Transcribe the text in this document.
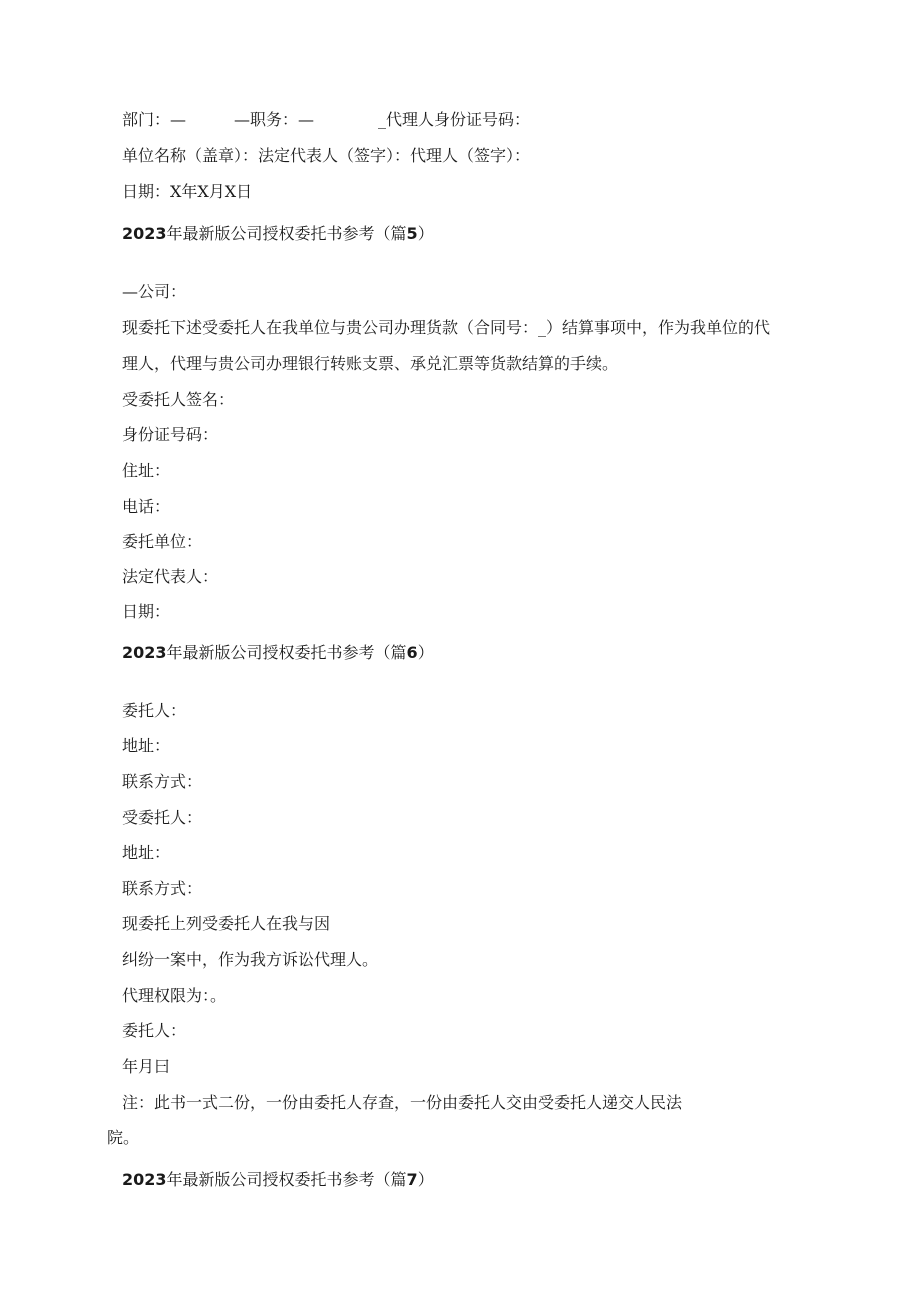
部门：—　　　—职务：—　　　　_代理人身份证号码：
单位名称（盖章）：法定代表人（签字）：代理人（签字）：
日期：X年X月X日
2023年最新版公司授权委托书参考（篇5）
—公司：
现委托下述受委托人在我单位与贵公司办理货款（合同号：_）结算事项中，作为我单位的代
理人，代理与贵公司办理银行转账支票、承兑汇票等货款结算的手续。
受委托人签名：
身份证号码：
住址：
电话：
委托单位：
法定代表人：
日期：
2023年最新版公司授权委托书参考（篇6）
委托人：
地址：
联系方式：
受委托人：
地址：
联系方式：
现委托上列受委托人在我与因
纠纷一案中，作为我方诉讼代理人。
代理权限为：。
委托人：
年月曰
注：此书一式二份，一份由委托人存查，一份由委托人交由受委托人递交人民法
院。
2023年最新版公司授权委托书参考（篇7）
